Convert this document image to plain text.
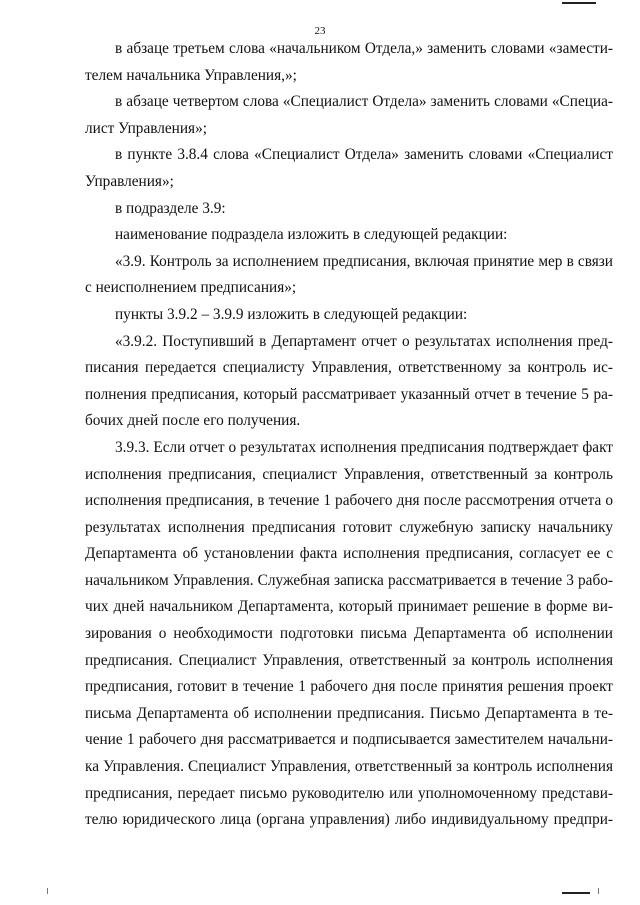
23
в абзаце третьем слова «начальником Отдела,» заменить словами «замести-
телем начальника Управления,»;
в абзаце четвертом слова «Специалист Отдела» заменить словами «Специа-
лист Управления»;
в пункте 3.8.4 слова «Специалист Отдела» заменить словами «Специалист
Управления»;
в подразделе 3.9:
наименование подраздела изложить в следующей редакции:
«3.9. Контроль за исполнением предписания, включая принятие мер в связи
с неисполнением предписания»;
пункты 3.9.2 – 3.9.9 изложить в следующей редакции:
«3.9.2. Поступивший в Департамент отчет о результатах исполнения пред-
писания передается специалисту Управления, ответственному за контроль ис-
полнения предписания, который рассматривает указанный отчет в течение 5 ра-
бочих дней после его получения.
3.9.3. Если отчет о результатах исполнения предписания подтверждает факт
исполнения предписания, специалист Управления, ответственный за контроль
исполнения предписания, в течение 1 рабочего дня после рассмотрения отчета о
результатах исполнения предписания готовит служебную записку начальнику
Департамента об установлении факта исполнения предписания, согласует ее с
начальником Управления. Служебная записка рассматривается в течение 3 рабо-
чих дней начальником Департамента, который принимает решение в форме ви-
зирования о необходимости подготовки письма Департамента об исполнении
предписания. Специалист Управления, ответственный за контроль исполнения
предписания, готовит в течение 1 рабочего дня после принятия решения проект
письма Департамента об исполнении предписания. Письмо Департамента в те-
чение 1 рабочего дня рассматривается и подписывается заместителем начальни-
ка Управления. Специалист Управления, ответственный за контроль исполнения
предписания, передает письмо руководителю или уполномоченному представи-
телю юридического лица (органа управления) либо индивидуальному предпри-
